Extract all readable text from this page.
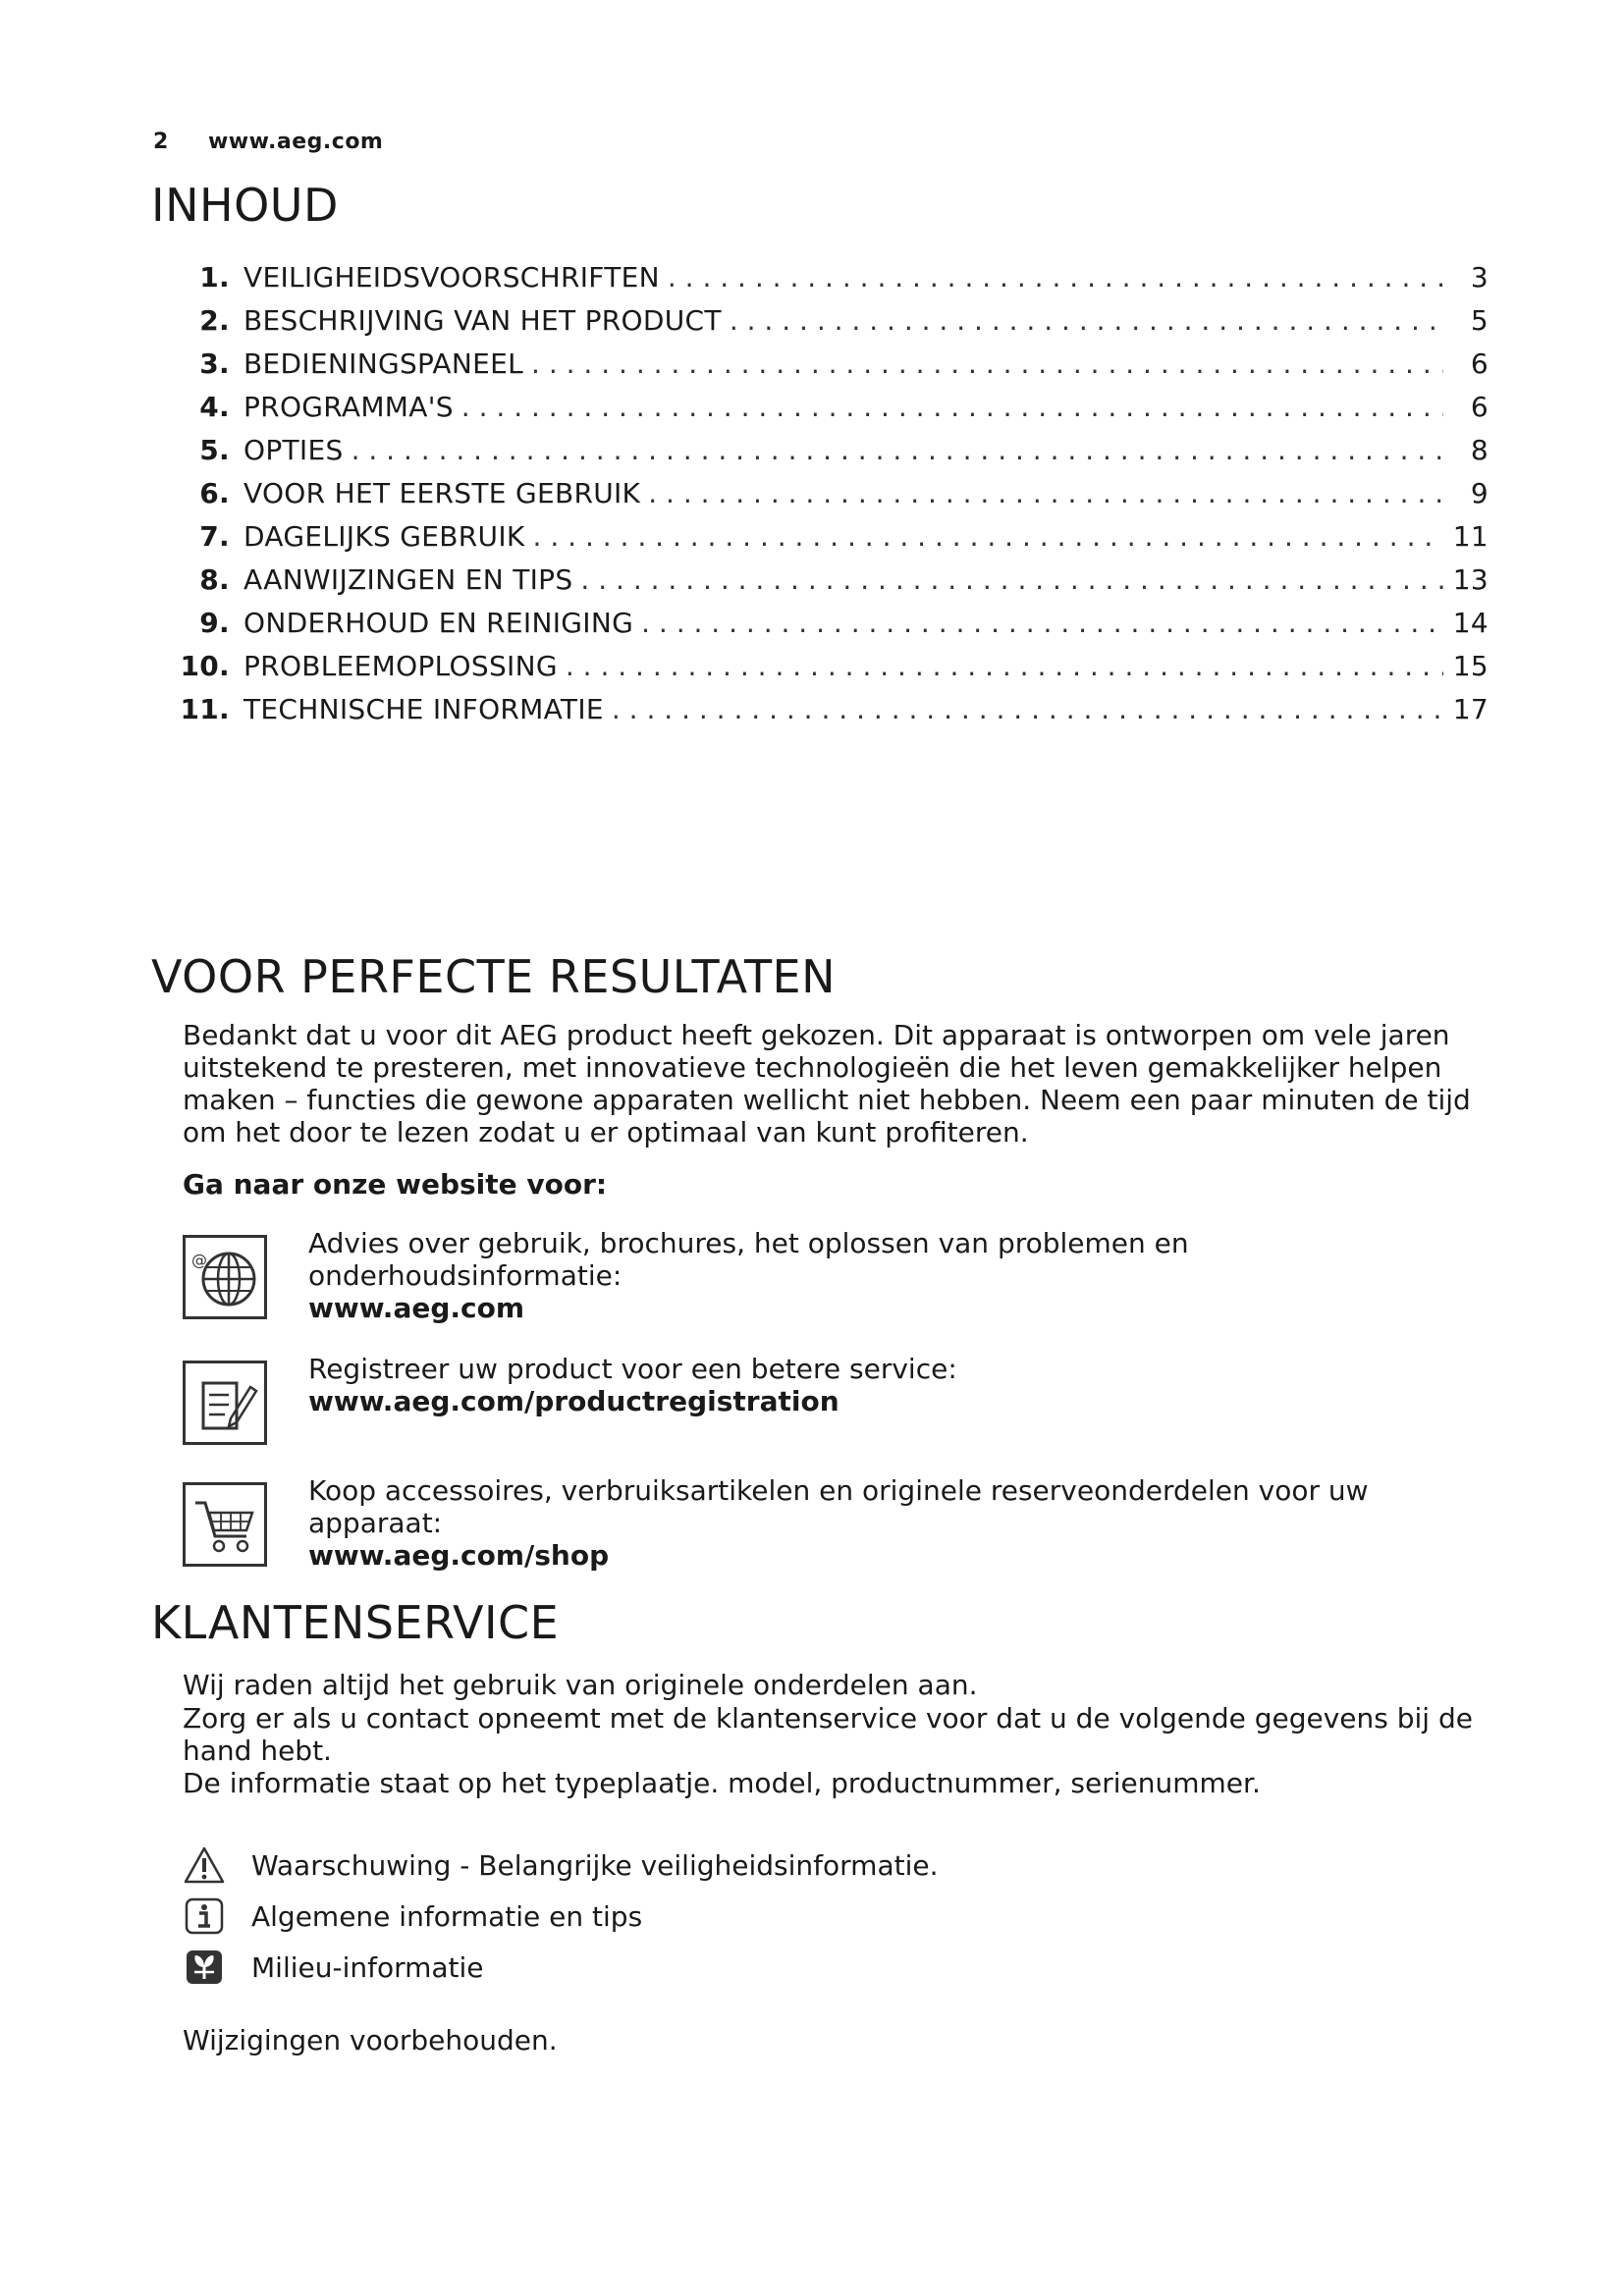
2 www.aeg.com
INHOUD
1. VEILIGHEIDSVOORSCHRIFTEN . . .	3
2. BESCHRIJVING VAN HET PRODUCT . . .	5
3. BEDIENINGSPANEEL . . .	6
4. PROGRAMMA'S . . .	6
5. OPTIES . . .	8
6. VOOR HET EERSTE GEBRUIK . . .	9
7. DAGELIJKS GEBRUIK . . .	11
8. AANWIJZINGEN EN TIPS . . .	13
9. ONDERHOUD EN REINIGING . . .	14
10. PROBLEEMOPLOSSING . . .	15
11. TECHNISCHE INFORMATIE . . .	17
VOOR PERFECTE RESULTATEN

Bedankt dat u voor dit AEG product heeft gekozen. Dit apparaat is ontworpen om vele jaren uitstekend te presteren, met innovatieve technologieën die het leven gemakkelijker helpen maken – functies die gewone apparaten wellicht niet hebben. Neem een paar minuten de tijd om het door te lezen zodat u er optimaal van kunt profiteren.

Ga naar onze website voor:

@
Advies over gebruik, brochures, het oplossen van problemen en onderhoudsinformatie:
www.aeg.com
Registreer uw product voor een betere service:
www.aeg.com/productregistration
Koop accessoires, verbruiksartikelen en originele reserveonderdelen voor uw apparaat:
www.aeg.com/shop
KLANTENSERVICE

Wij raden altijd het gebruik van originele onderdelen aan.

Zorg er als u contact opneemt met de klantenservice voor dat u de volgende gegevens bij de hand hebt.

De informatie staat op het typeplaatje. model, productnummer, serienummer.

Waarschuwing - Belangrijke veiligheidsinformatie.
Algemene informatie en tips
Milieu-informatie

Wijzigingen voorbehouden.
